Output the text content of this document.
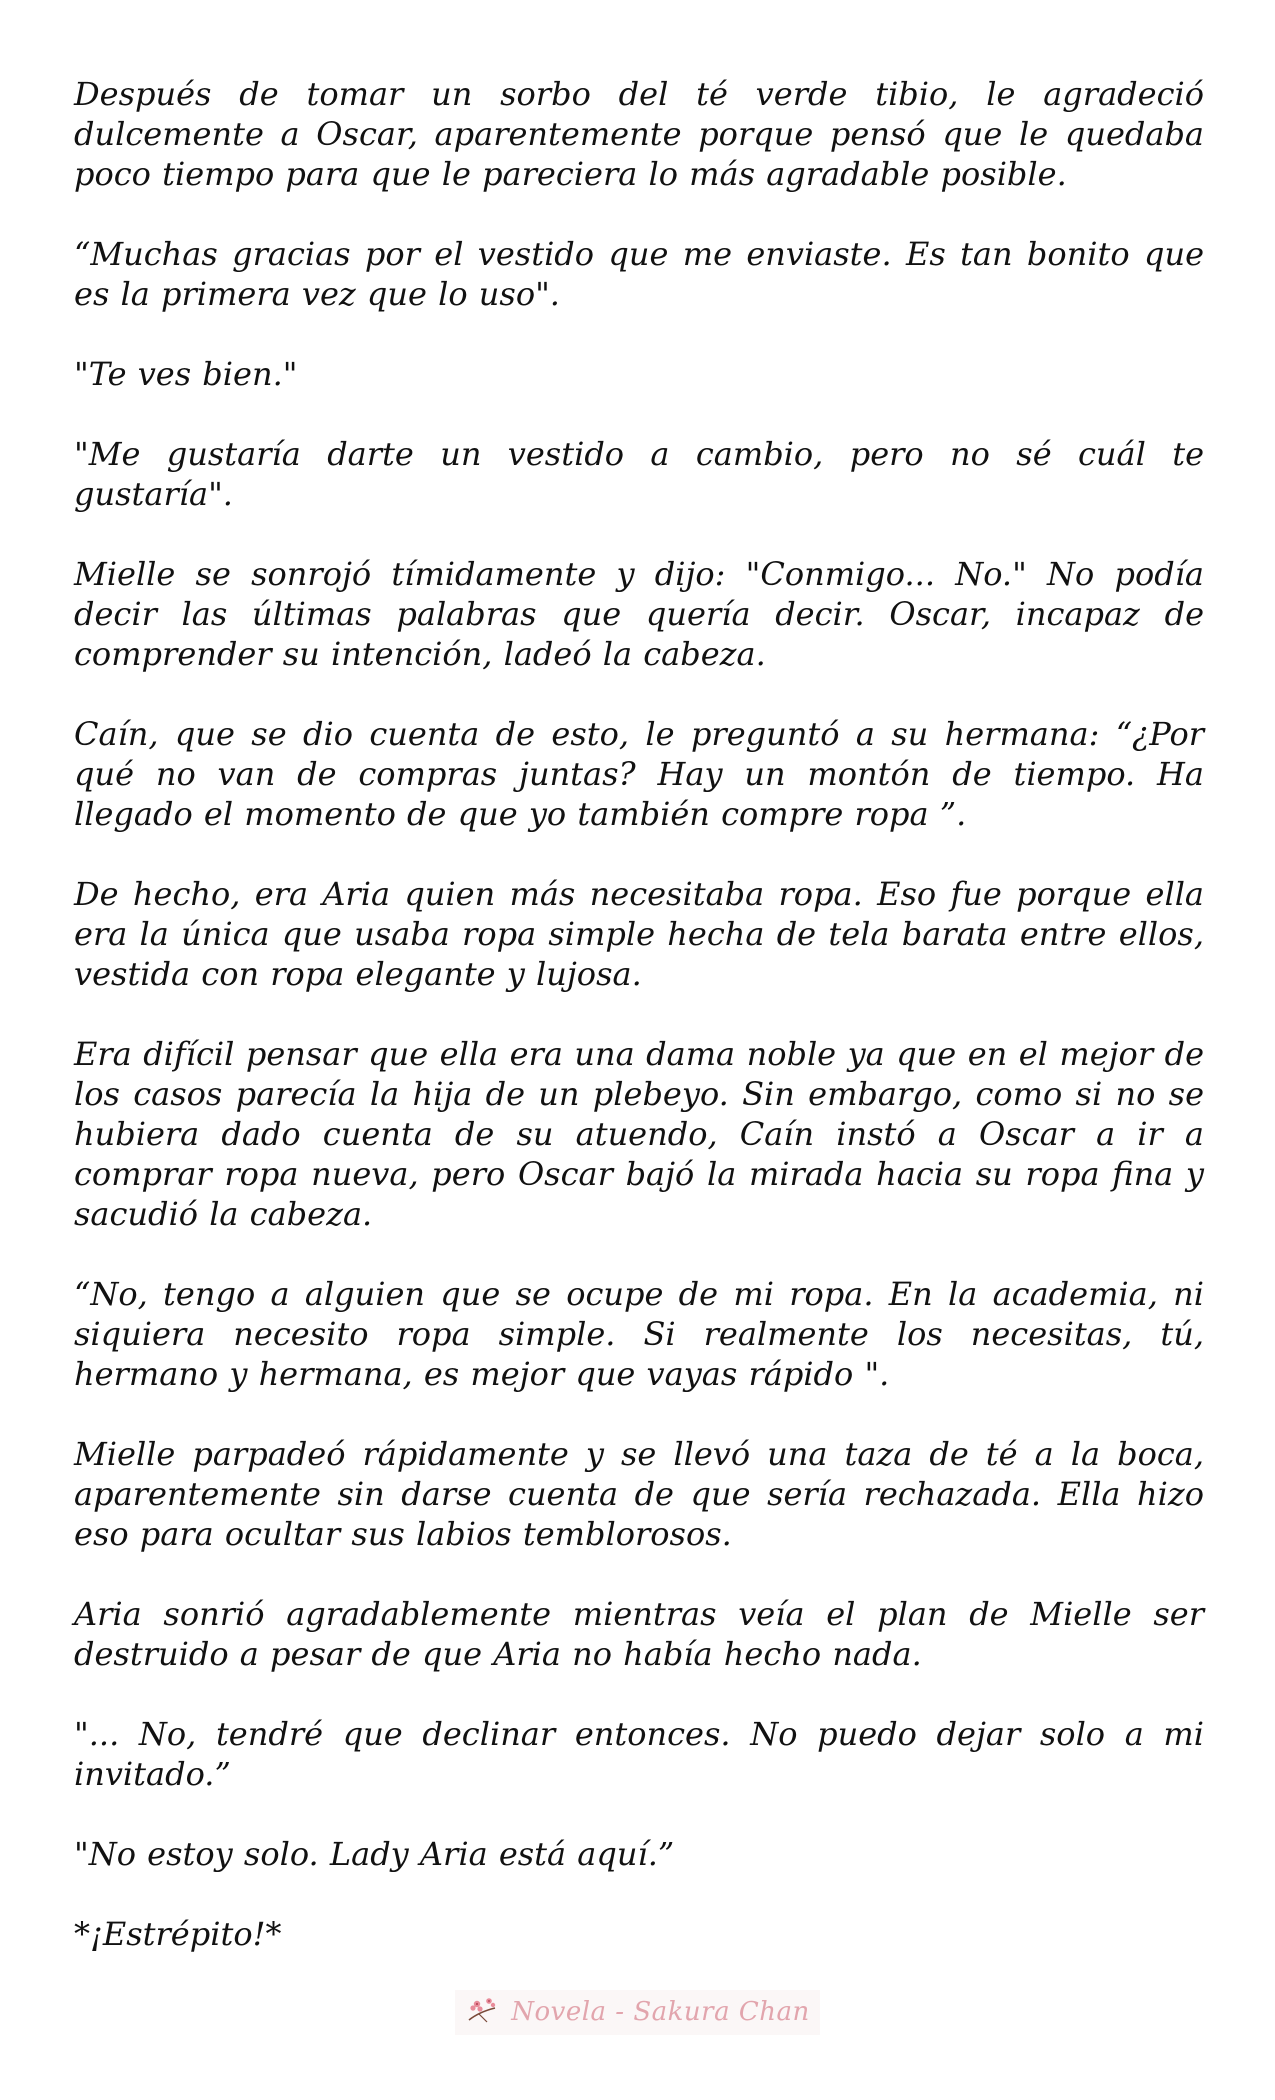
Después de tomar un sorbo del té verde tibio, le agradeció dulcemente a Oscar, aparentemente porque pensó que le quedaba poco tiempo para que le pareciera lo más agradable posible.

“Muchas gracias por el vestido que me enviaste. Es tan bonito que es la primera vez que lo uso".

"Te ves bien."

"Me gustaría darte un vestido a cambio, pero no sé cuál te gustaría".

Mielle se sonrojó tímidamente y dijo: "Conmigo... No." No podía decir las últimas palabras que quería decir. Oscar, incapaz de comprender su intención, ladeó la cabeza.

Caín, que se dio cuenta de esto, le preguntó a su hermana: “¿Por qué no van de compras juntas? Hay un montón de tiempo. Ha llegado el momento de que yo también compre ropa ”.

De hecho, era Aria quien más necesitaba ropa. Eso fue porque ella era la única que usaba ropa simple hecha de tela barata entre ellos, vestida con ropa elegante y lujosa.

Era difícil pensar que ella era una dama noble ya que en el mejor de los casos parecía la hija de un plebeyo. Sin embargo, como si no se hubiera dado cuenta de su atuendo, Caín instó a Oscar a ir a comprar ropa nueva, pero Oscar bajó la mirada hacia su ropa fina y sacudió la cabeza.

“No, tengo a alguien que se ocupe de mi ropa. En la academia, ni siquiera necesito ropa simple. Si realmente los necesitas, tú, hermano y hermana, es mejor que vayas rápido ".

Mielle parpadeó rápidamente y se llevó una taza de té a la boca, aparentemente sin darse cuenta de que sería rechazada. Ella hizo eso para ocultar sus labios temblorosos.

Aria sonrió agradablemente mientras veía el plan de Mielle ser destruido a pesar de que Aria no había hecho nada.

"... No, tendré que declinar entonces. No puedo dejar solo a mi invitado.”

"No estoy solo. Lady Aria está aquí.”

*¡Estrépito!*

Novela - Sakura Chan
